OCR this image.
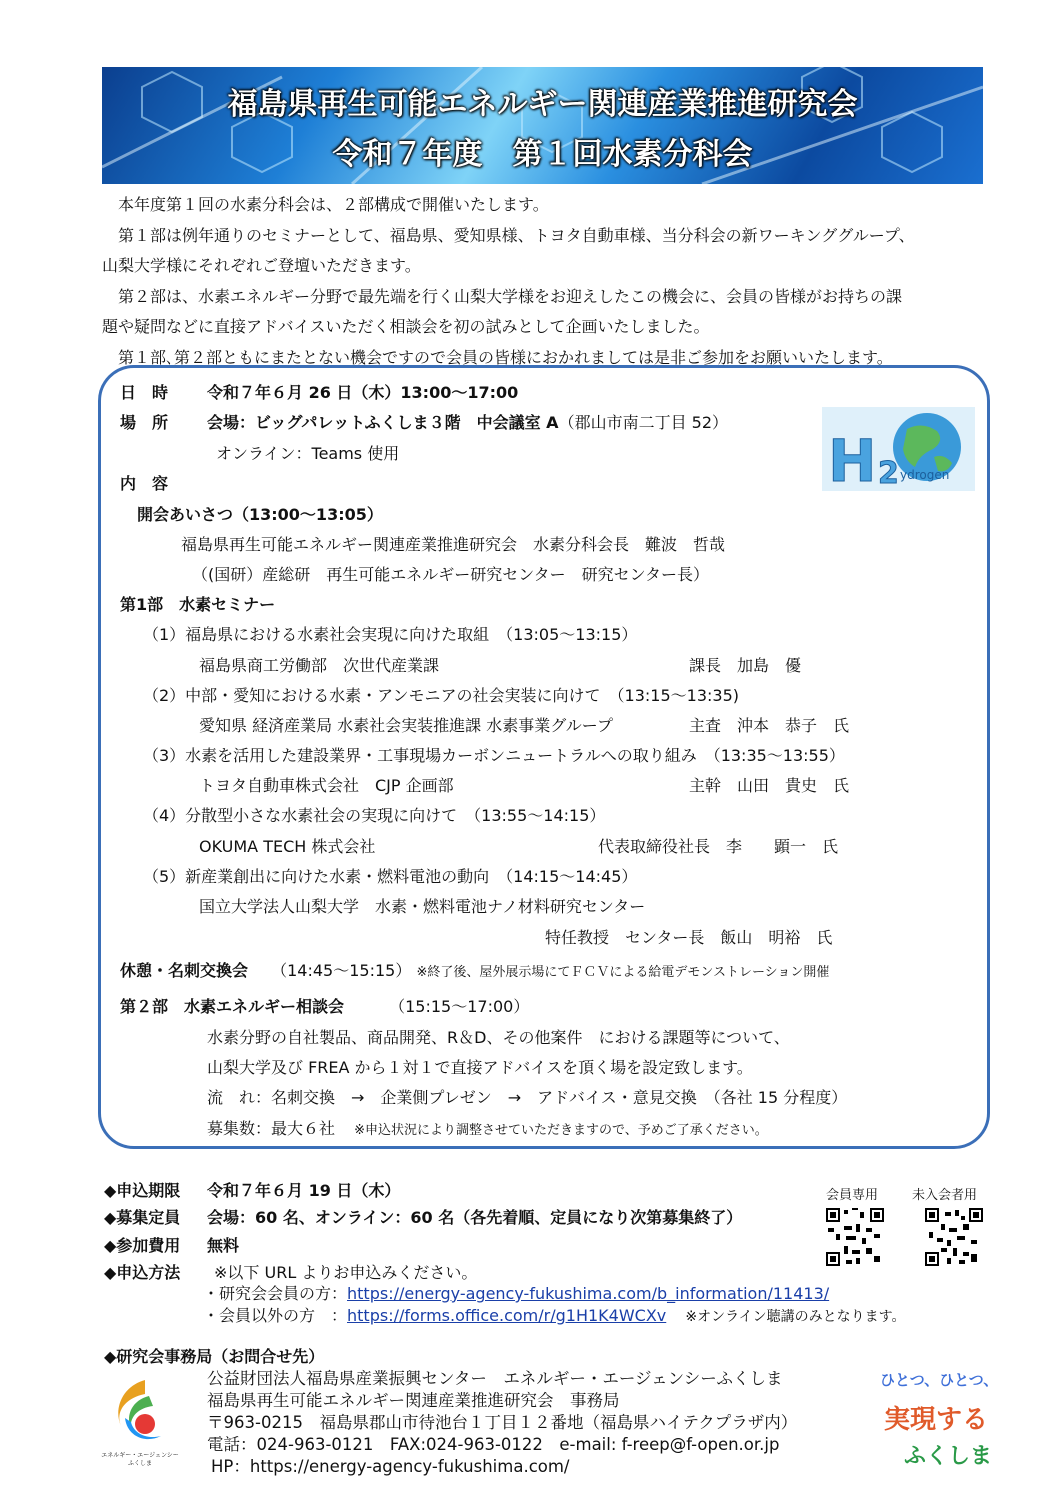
福島県再生可能エネルギー関連産業推進研究会
令和７年度　第１回水素分科会

本年度第１回の水素分科会は、２部構成で開催いたします。

第１部は例年通りのセミナーとして、福島県、愛知県様、トヨタ自動車様、当分科会の新ワーキンググループ、

山梨大学様にそれぞれご登壇いただきます。

第２部は、水素エネルギー分野で最先端を行く山梨大学様をお迎えしたこの機会に、会員の皆様がお持ちの課

題や疑問などに直接アドバイスいただく相談会を初の試みとして企画いたしました。

第１部､第２部ともにまたとない機会ですので会員の皆様におかれましては是非ご参加をお願いいたします。

日　時 令和７年６月 26 日（木）13:00～17:00
場　所 会場：ビッグパレットふくしま３階　中会議室 A（郡山市南二丁目 52）
オンライン：Teams 使用	H 2 ydrogen
内　容
開会あいさつ（13:00～13:05）
福島県再生可能エネルギー関連産業推進研究会　水素分科会長　難波　哲哉
（(国研）産総研　再生可能エネルギー研究センター　研究センター長）
第1部　水素セミナー
（1）福島県における水素社会実現に向けた取組　（13:05～13:15）
福島県商工労働部　次世代産業課	課長　加島　優
（2）中部・愛知における水素・アンモニアの社会実装に向けて　（13:15～13:35)
愛知県 経済産業局 水素社会実装推進課 水素事業グループ	主査　沖本　恭子　氏
（3）水素を活用した建設業界・工事現場カーボンニュートラルへの取り組み　（13:35～13:55）
トヨタ自動車株式会社　CJP 企画部	主幹　山田　貴史　氏
（4）分散型小さな水素社会の実現に向けて　（13:55～14:15）
OKUMA TECH 株式会社	代表取締役社長　李　　顕一　氏
（5）新産業創出に向けた水素・燃料電池の動向　（14:15～14:45）
国立大学法人山梨大学　水素・燃料電池ナノ材料研究センター
特任教授　センター長　飯山　明裕　氏
休憩・名刺交換会 （14:45～15:15） ※終了後、屋外展示場にてＦＣＶによる給電デモンストレーション開催
第２部　水素エネルギー相談会	（15:15～17:00）
水素分野の自社製品、商品開発、R＆D、その他案件　における課題等について、
山梨大学及び FREA から１対１で直接アドバイスを頂く場を設定致します。
流　れ：名刺交換　→　企業側プレゼン　→　アドバイス・意見交換　（各社 15 分程度）
募集数：最大６社 ※申込状況により調整させていただきますので、予めご了承ください。
◆申込期限 令和７年６月 19 日（木）
◆募集定員 会場：60 名、オンライン：60 名（各先着順、定員になり次第募集終了）
◆参加費用 無料
◆申込方法 ※以下 URL よりお申込みください。
・研究会会員の方：https://energy-agency-fukushima.com/b_information/11413/
・会員以外の方　：https://forms.office.com/r/g1H1K4WCXv ※オンライン聴講のみとなります。
会員専用	未入会者用
◆研究会事務局（お問合せ先）
公益財団法人福島県産業振興センター　エネルギー・エージェンシーふくしま
福島県再生可能エネルギー関連産業推進研究会　事務局
〒963-0215　福島県郡山市待池台１丁目１２番地（福島県ハイテクプラザ内）
電話：024-963-0121　FAX:024-963-0122　e-mail: f-reep@f-open.or.jp
HP：https://energy-agency-fukushima.com/
エネルギー・エージェンシー
ふくしま
ひとつ、ひとつ、
実現する
ふくしま
